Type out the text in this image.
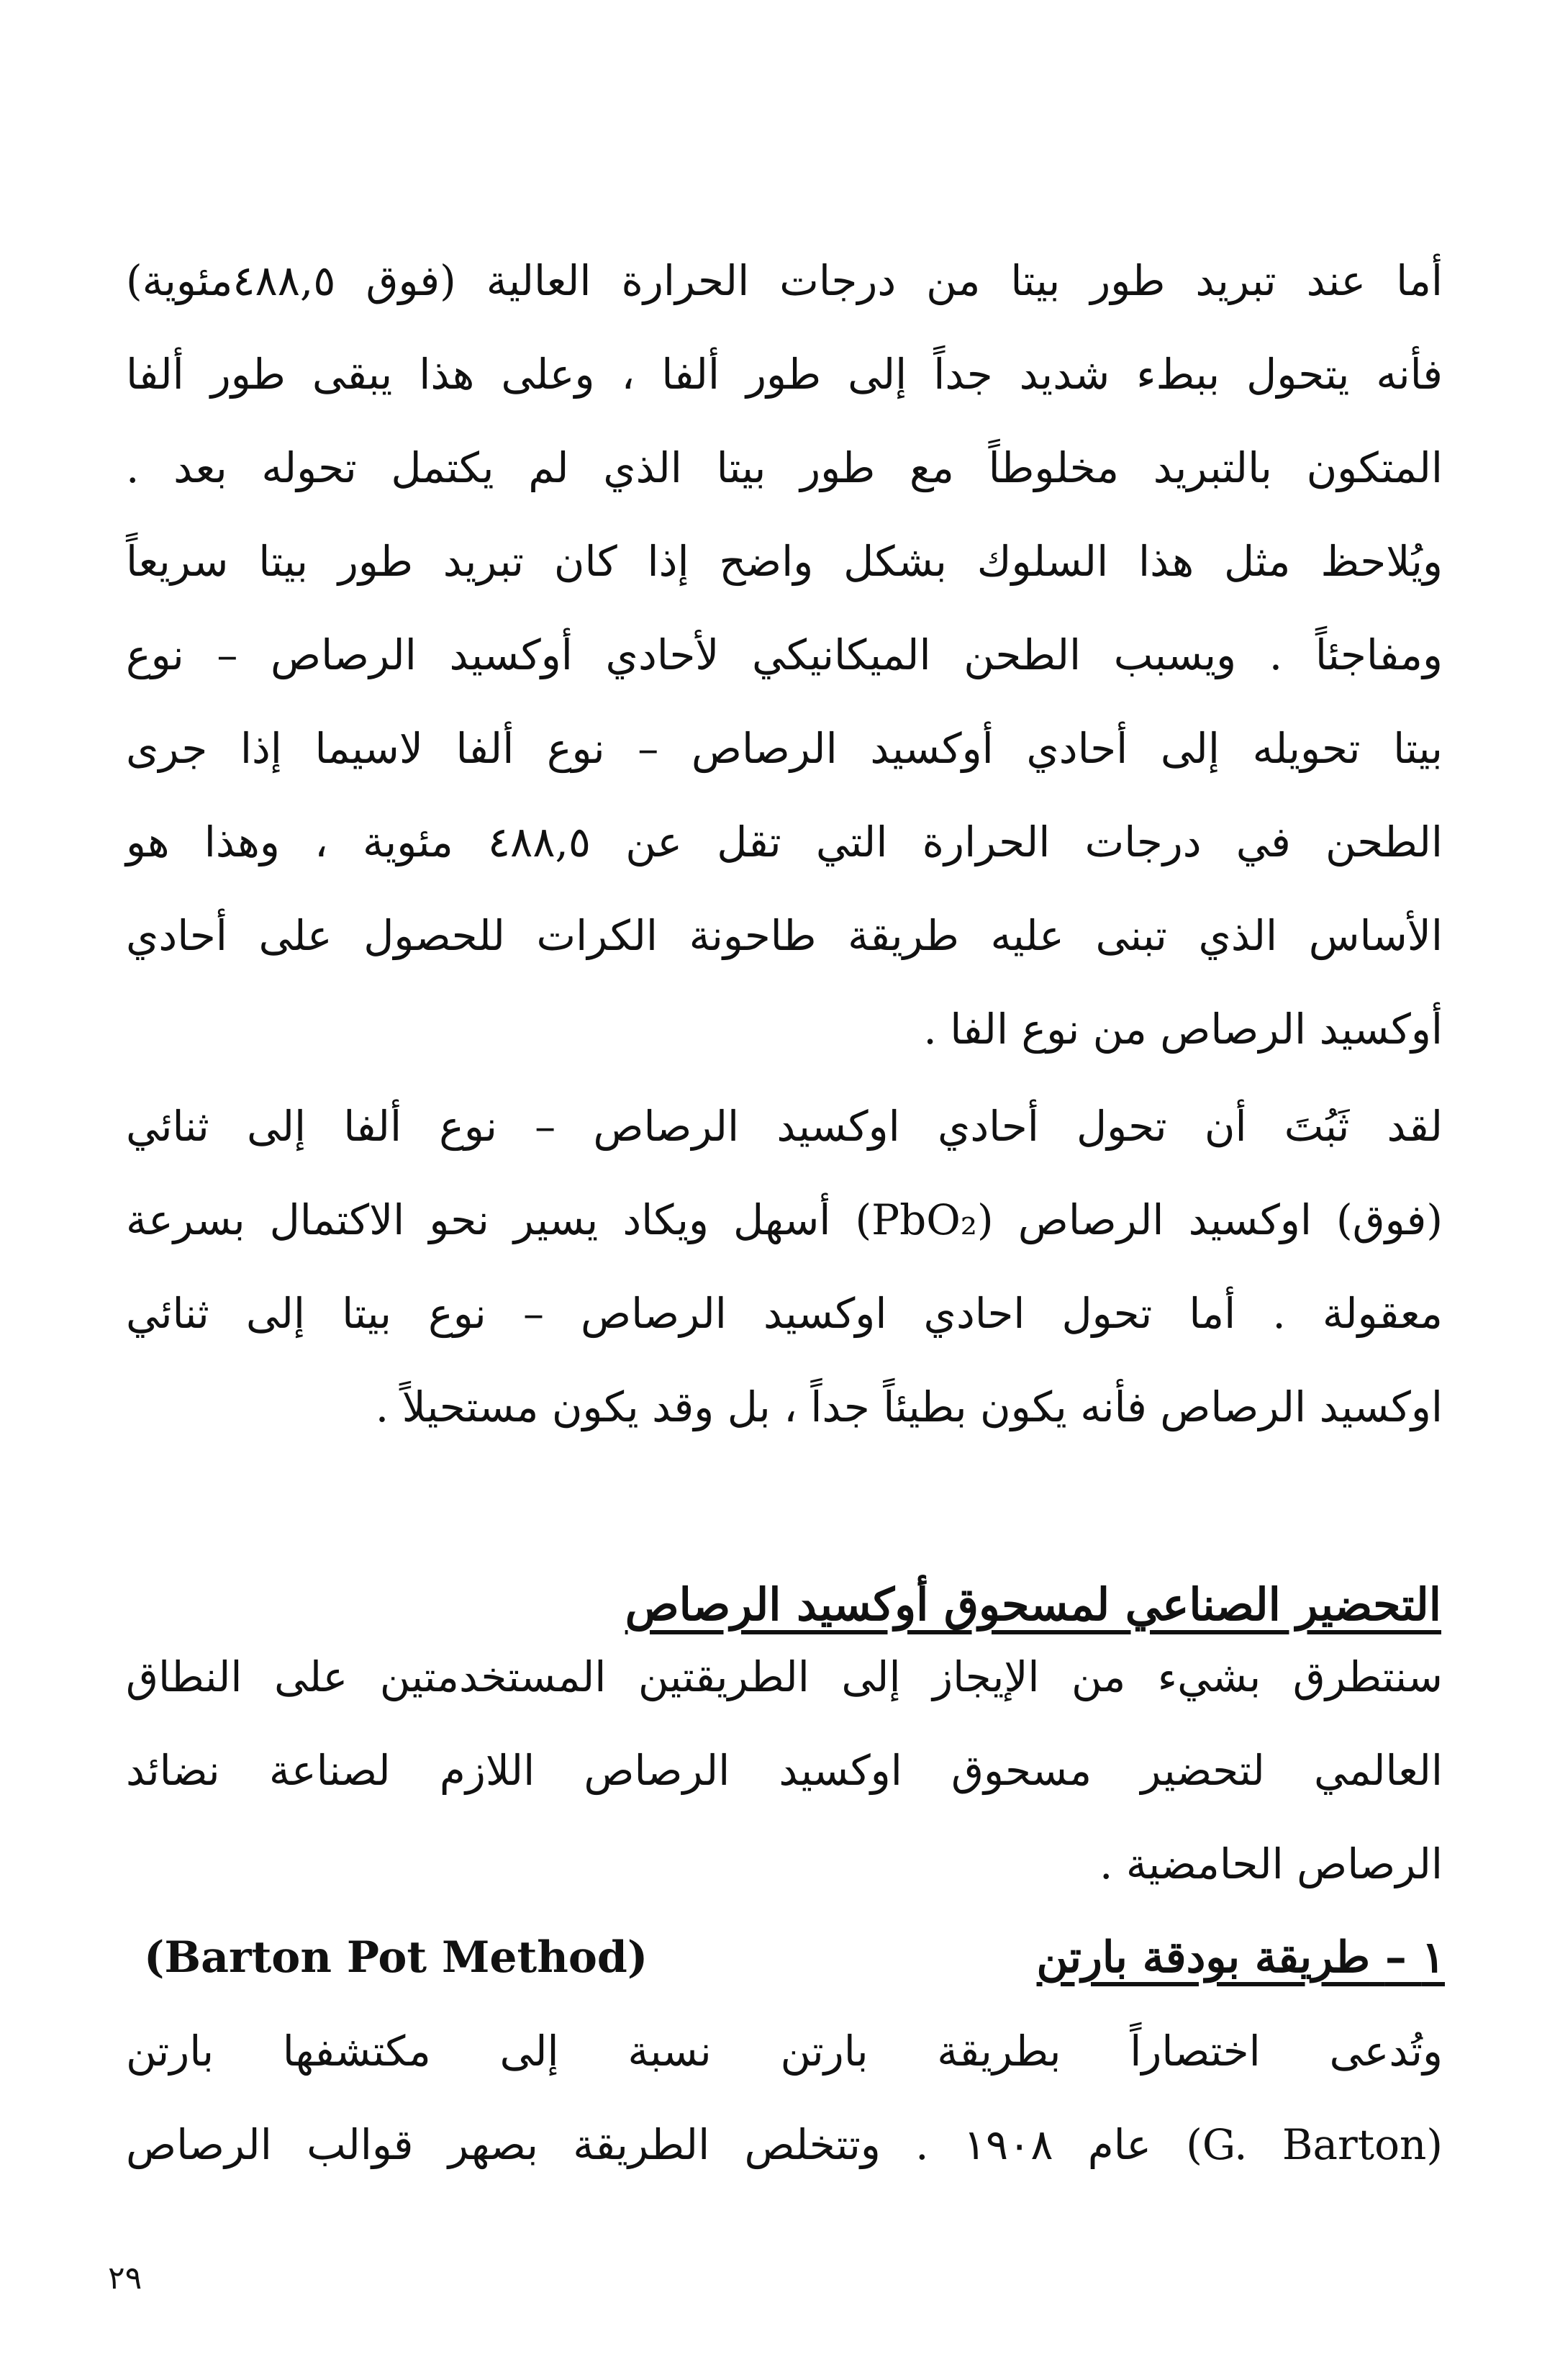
أما عند تبريد طور بيتا من درجات الحرارة العالية (فوق ٤٨٨,٥مئوية)
فأنه يتحول ببطء شديد جداً إلى طور ألفا ، وعلى هذا يبقى طور ألفا
المتكون بالتبريد مخلوطاً مع طور بيتا الذي لم يكتمل تحوله بعد .
ويُلاحظ مثل هذا السلوك بشكل واضح إذا كان تبريد طور بيتا سريعاً
ومفاجئاً . ويسبب الطحن الميكانيكي لأحادي أوكسيد الرصاص – نوع
بيتا تحويله إلى أحادي أوكسيد الرصاص – نوع ألفا لاسيما إذا جرى
الطحن في درجات الحرارة التي تقل عن ٤٨٨,٥ مئوية ، وهذا هو
الأساس الذي تبنى عليه طريقة طاحونة الكرات للحصول على أحادي
أوكسيد الرصاص من نوع الفا .
لقد ثَبُتَ أن تحول أحادي اوكسيد الرصاص – نوع ألفا إلى ثنائي
(فوق) اوكسيد الرصاص (PbO₂) أسهل ويكاد يسير نحو الاكتمال بسرعة
معقولة . أما تحول احادي اوكسيد الرصاص – نوع بيتا إلى ثنائي
اوكسيد الرصاص فأنه يكون بطيئاً جداً ، بل وقد يكون مستحيلاً .
التحضير الصناعي لمسحوق أوكسيد الرصاص
سنتطرق بشيء من الإيجاز إلى الطريقتين المستخدمتين على النطاق
العالمي لتحضير مسحوق اوكسيد الرصاص اللازم لصناعة نضائد
الرصاص الحامضية .
١ – طريقة بودقة بارتن
(Barton Pot Method)
وتُدعى اختصاراً بطريقة بارتن نسبة إلى مكتشفها بارتن
(G. Barton) عام ١٩٠٨ . وتتخلص الطريقة بصهر قوالب الرصاص
٢٩
